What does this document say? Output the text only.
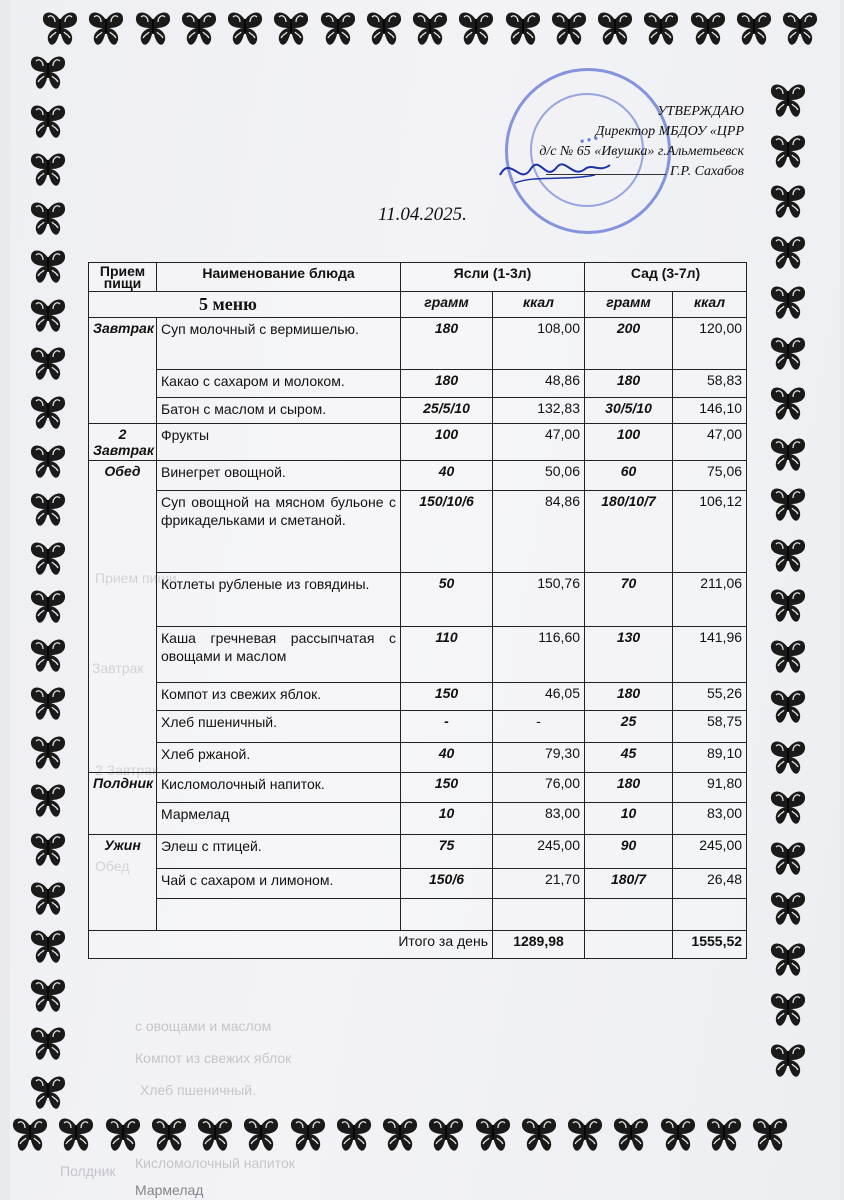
Прием пищи
Завтрак
2 Завтрак
Обед
с овощами и маслом
Компот из свежих яблок
Хлеб пшеничный.
Кисломолочный напиток
Полдник
Мармелад
● ● ●
УТВЕРЖДАЮ
Директор МБДОУ «ЦРР
д/с № 65 «Ивушка» г.Альметьевск
Г.Р. Сахабов
11.04.2025.
Прием пищи	Наименование блюда	Ясли (1-3л)		Сад (3-7л)	
5 меню		грамм	ккал	грамм	ккал
Завтрак	Суп молочный с вермишелью.	180	108,00	200	120,00
	Какао с сахаром и молоком.	180	48,86	180	58,83
	Батон с маслом и сыром.	25/5/10	132,83	30/5/10	146,10
2 Завтрак	Фрукты	100	47,00	100	47,00
Обед	Винегрет овощной.	40	50,06	60	75,06
	Суп овощной на мясном бульоне с фрикадельками и сметаной.	150/10/6	84,86	180/10/7	106,12
	Котлеты рубленые из говядины.	50	150,76	70	211,06
	Каша гречневая рассыпчатая с овощами и маслом	110	116,60	130	141,96
	Компот из свежих яблок.	150	46,05	180	55,26
	Хлеб пшеничный.	-	-	25	58,75
	Хлеб ржаной.	40	79,30	45	89,10
Полдник	Кисломолочный напиток.	150	76,00	180	91,80
	Мармелад	10	83,00	10	83,00
Ужин	Элеш с птицей.	75	245,00	90	245,00
	Чай с сахаром и лимоном.	150/6	21,70	180/7	26,48

Итого за день			1289,98		1555,52
